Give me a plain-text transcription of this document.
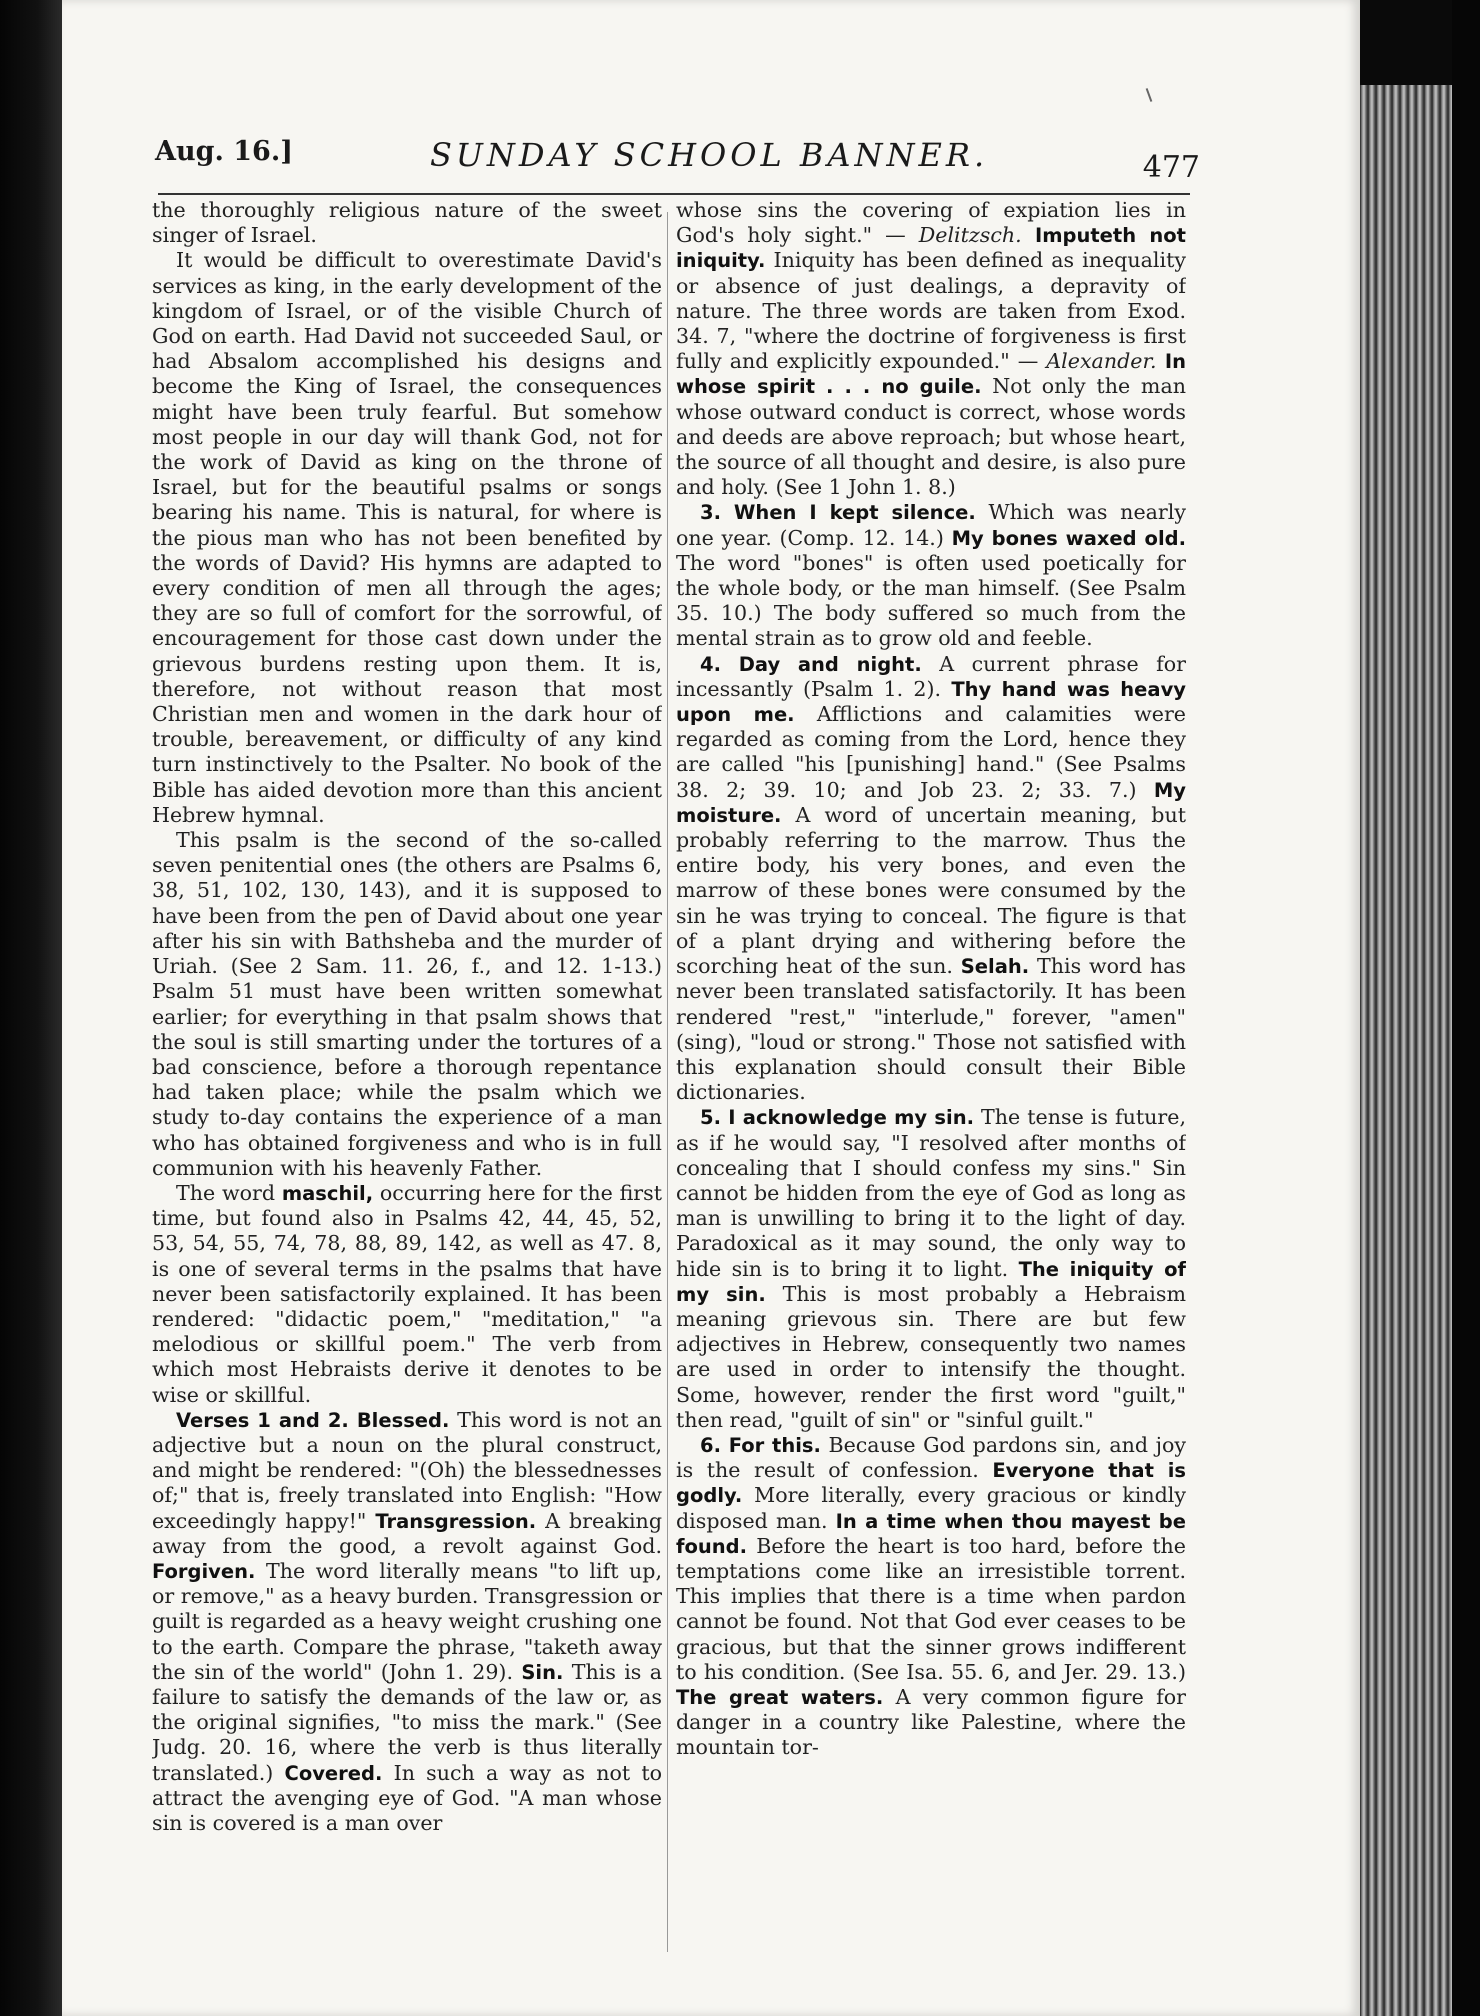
Aug. 16.]	SUNDAY SCHOOL BANNER.	477

the thoroughly religious nature of the sweet singer of Israel.

It would be difficult to overestimate David's services as king, in the early development of the kingdom of Israel, or of the visible Church of God on earth. Had David not succeeded Saul, or had Absalom accomplished his designs and become the King of Israel, the consequences might have been truly fearful. But somehow most people in our day will thank God, not for the work of David as king on the throne of Israel, but for the beautiful psalms or songs bearing his name. This is natural, for where is the pious man who has not been benefited by the words of David? His hymns are adapted to every condition of men all through the ages; they are so full of comfort for the sorrowful, of encouragement for those cast down under the grievous burdens resting upon them. It is, therefore, not without reason that most Christian men and women in the dark hour of trouble, bereavement, or difficulty of any kind turn instinctively to the Psalter. No book of the Bible has aided devotion more than this ancient Hebrew hymnal.

This psalm is the second of the so-called seven penitential ones (the others are Psalms 6, 38, 51, 102, 130, 143), and it is supposed to have been from the pen of David about one year after his sin with Bathsheba and the murder of Uriah. (See 2 Sam. 11. 26, f., and 12. 1-13.) Psalm 51 must have been written somewhat earlier; for everything in that psalm shows that the soul is still smarting under the tortures of a bad conscience, before a thorough repentance had taken place; while the psalm which we study to-day contains the experience of a man who has obtained forgiveness and who is in full communion with his heavenly Father.

The word maschil, occurring here for the first time, but found also in Psalms 42, 44, 45, 52, 53, 54, 55, 74, 78, 88, 89, 142, as well as 47. 8, is one of several terms in the psalms that have never been satisfactorily explained. It has been rendered: "didactic poem," "meditation," "a melodious or skillful poem." The verb from which most Hebraists derive it denotes to be wise or skillful.

Verses 1 and 2. Blessed. This word is not an adjective but a noun on the plural construct, and might be rendered: "(Oh) the blessednesses of;" that is, freely translated into English: "How exceedingly happy!" Transgression. A breaking away from the good, a revolt against God. Forgiven. The word literally means "to lift up, or remove," as a heavy burden. Transgression or guilt is regarded as a heavy weight crushing one to the earth. Compare the phrase, "taketh away the sin of the world" (John 1. 29). Sin. This is a failure to satisfy the demands of the law or, as the original signifies, "to miss the mark." (See Judg. 20. 16, where the verb is thus literally translated.) Covered. In such a way as not to attract the avenging eye of God. "A man whose sin is covered is a man over

whose sins the covering of expiation lies in God's holy sight." — Delitzsch. Imputeth not iniquity. Iniquity has been defined as inequality or absence of just dealings, a depravity of nature. The three words are taken from Exod. 34. 7, "where the doctrine of forgiveness is first fully and explicitly expounded." — Alexander. In whose spirit . . . no guile. Not only the man whose outward conduct is correct, whose words and deeds are above reproach; but whose heart, the source of all thought and desire, is also pure and holy. (See 1 John 1. 8.)

3. When I kept silence. Which was nearly one year. (Comp. 12. 14.) My bones waxed old. The word "bones" is often used poetically for the whole body, or the man himself. (See Psalm 35. 10.) The body suffered so much from the mental strain as to grow old and feeble.

4. Day and night. A current phrase for incessantly (Psalm 1. 2). Thy hand was heavy upon me. Afflictions and calamities were regarded as coming from the Lord, hence they are called "his [punishing] hand." (See Psalms 38. 2; 39. 10; and Job 23. 2; 33. 7.) My moisture. A word of uncertain meaning, but probably referring to the marrow. Thus the entire body, his very bones, and even the marrow of these bones were consumed by the sin he was trying to conceal. The figure is that of a plant drying and withering before the scorching heat of the sun. Selah. This word has never been translated satisfactorily. It has been rendered "rest," "interlude," forever, "amen" (sing), "loud or strong." Those not satisfied with this explanation should consult their Bible dictionaries.

5. I acknowledge my sin. The tense is future, as if he would say, "I resolved after months of concealing that I should confess my sins." Sin cannot be hidden from the eye of God as long as man is unwilling to bring it to the light of day. Paradoxical as it may sound, the only way to hide sin is to bring it to light. The iniquity of my sin. This is most probably a Hebraism meaning grievous sin. There are but few adjectives in Hebrew, consequently two names are used in order to intensify the thought. Some, however, render the first word "guilt," then read, "guilt of sin" or "sinful guilt."

6. For this. Because God pardons sin, and joy is the result of confession. Everyone that is godly. More literally, every gracious or kindly disposed man. In a time when thou mayest be found. Before the heart is too hard, before the temptations come like an irresistible torrent. This implies that there is a time when pardon cannot be found. Not that God ever ceases to be gracious, but that the sinner grows indifferent to his condition. (See Isa. 55. 6, and Jer. 29. 13.) The great waters. A very common figure for danger in a country like Palestine, where the mountain tor-
